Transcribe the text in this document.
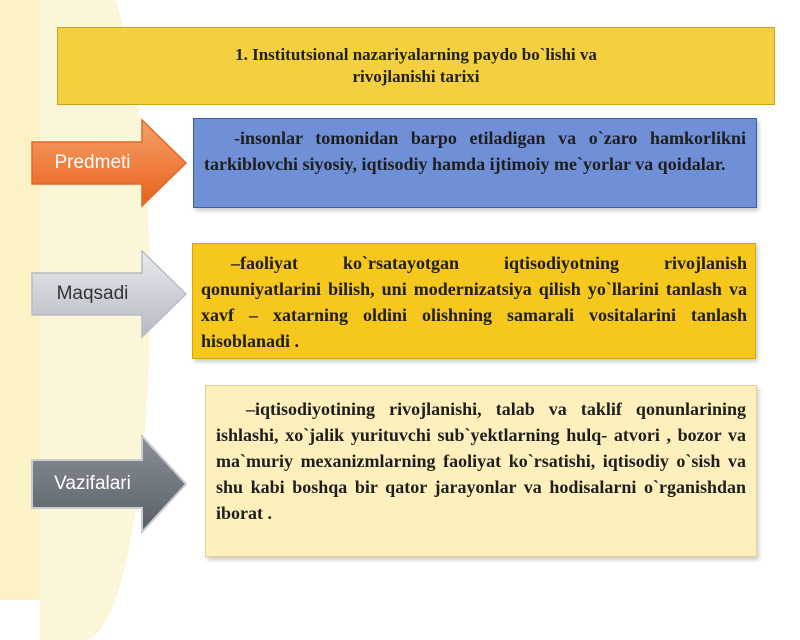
1. Institutsional nazariyalarning paydo bo`lishi va
rivojlanishi tarixi
Predmeti
Maqsadi
Vazifalari
-insonlar tomonidan barpo etiladigan va o`zaro hamkorlikni tarkiblovchi siyosiy, iqtisodiy hamda ijtimoiy me`yorlar va qoidalar.
–faoliyat ko`rsatayotgan iqtisodiyotning rivojlanish qonuniyatlarini bilish, uni modernizatsiya qilish yo`llarini tanlash va xavf – xatarning oldini olishning samarali vositalarini tanlash hisoblanadi .
–iqtisodiyotining rivojlanishi, talab va taklif qonunlarining ishlashi, xo`jalik yurituvchi sub`yektlarning hulq- atvori , bozor va ma`muriy mexanizmlarning faoliyat ko`rsatishi, iqtisodiy o`sish va shu kabi boshqa bir qator jarayonlar va hodisalarni o`rganishdan iborat .
